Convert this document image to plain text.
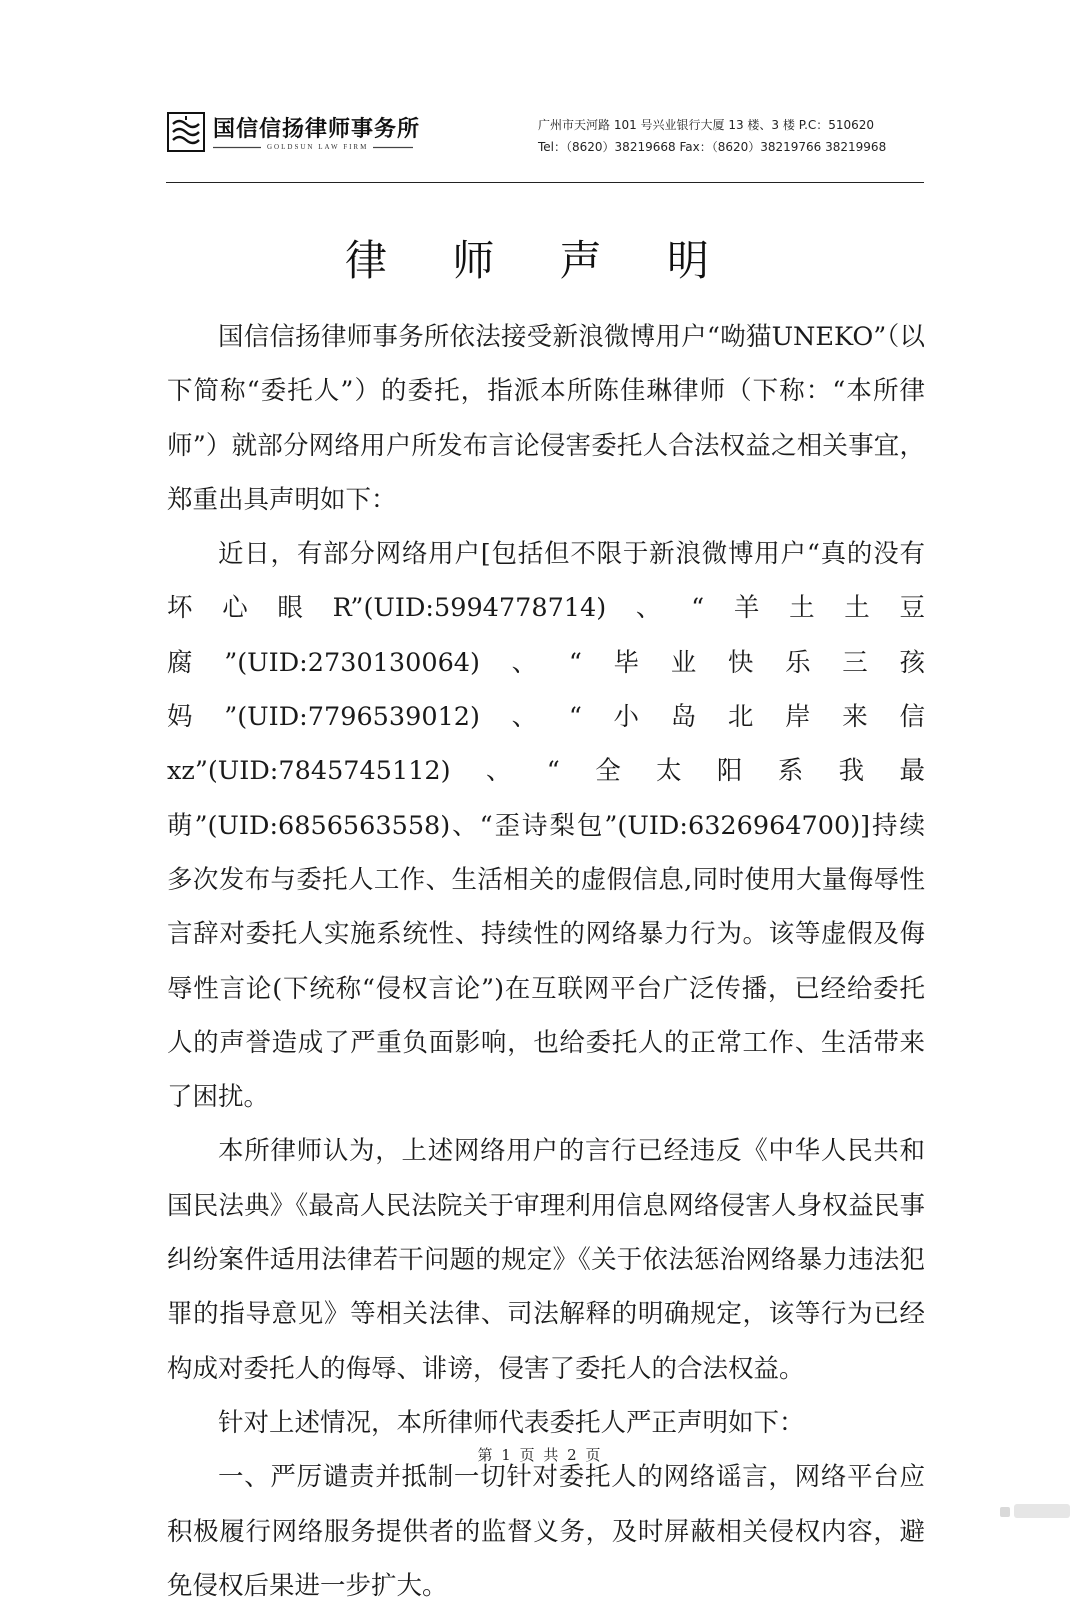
国信信扬律师事务所
GOLDSUN LAW FIRM
广州市天河路 101 号兴业银行大厦 13 楼、3 楼 P.C：510620
Tel：（8620）38219668 Fax：（8620）38219766 38219968
律 师 声 明

国信信扬律师事务所依法接受新浪微博用户“呦猫UNEKO”（以下简称“委托人”）的委托，指派本所陈佳琳律师（下称：“本所律师”）就部分网络用户所发布言论侵害委托人合法权益之相关事宜，郑重出具声明如下：

近日，有部分网络用户[包括但不限于新浪微博用户“真的没有坏心眼R”(UID:5994778714)、“羊土土豆腐”(UID:2730130064)、“毕业快乐三孩妈”(UID:7796539012)、“小岛北岸来信xz”(UID:7845745112)、“全太阳系我最萌”(UID:6856563558)、“歪诗梨包”(UID:6326964700)]持续多次发布与委托人工作、生活相关的虚假信息,同时使用大量侮辱性言辞对委托人实施系统性、持续性的网络暴力行为。该等虚假及侮辱性言论(下统称“侵权言论”)在互联网平台广泛传播，已经给委托人的声誉造成了严重负面影响，也给委托人的正常工作、生活带来了困扰。

本所律师认为，上述网络用户的言行已经违反《中华人民共和国民法典》《最高人民法院关于审理利用信息网络侵害人身权益民事纠纷案件适用法律若干问题的规定》《关于依法惩治网络暴力违法犯罪的指导意见》等相关法律、司法解释的明确规定，该等行为已经构成对委托人的侮辱、诽谤，侵害了委托人的合法权益。

针对上述情况，本所律师代表委托人严正声明如下：

一、严厉谴责并抵制一切针对委托人的网络谣言，网络平台应积极履行网络服务提供者的监督义务，及时屏蔽相关侵权内容，避免侵权后果进一步扩大。

第 1 页 共 2 页
